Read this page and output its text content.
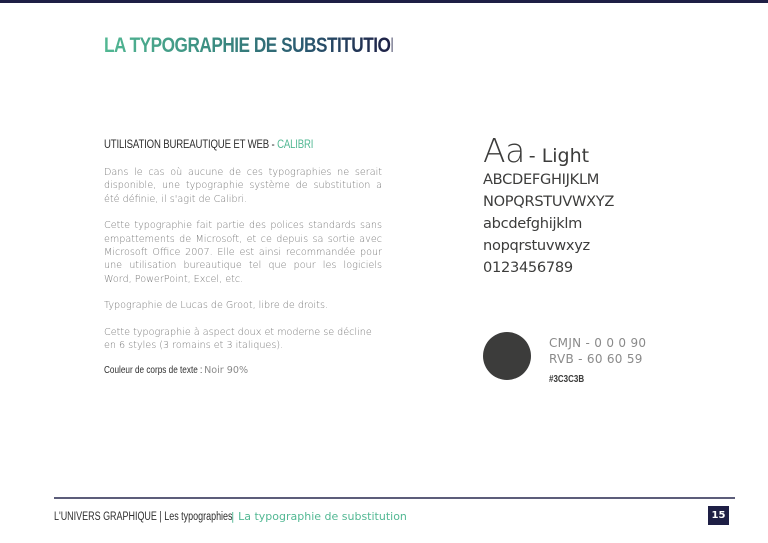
LA TYPOGRAPHIE DE SUBSTITUTION
UTILISATION BUREAUTIQUE ET WEB - CALIBRI

Dans le cas où aucune de ces typographies ne serait disponible, une typographie système de substitution a été définie, il s'agit de Calibri.

Cette typographie fait partie des polices standards sans empattements de Microsoft, et ce depuis sa sortie avec Microsoft Office 2007. Elle est ainsi recommandée pour une utilisation bureautique tel que pour les logiciels Word, PowerPoint, Excel, etc.

Typographie de Lucas de Groot, libre de droits.

Cette typographie à aspect doux et moderne se décline en 6 styles (3 romains et 3 italiques).

Couleur de corps de texte :Noir 90%
Aa - Light
ABCDEFGHIJKLM
NOPQRSTUVWXYZ
abcdefghijklm
nopqrstuvwxyz
0123456789
CMJN - 0 0 0 90
RVB - 60 60 59
#3C3C3B
L'UNIVERS GRAPHIQUE | Les typographies| La typographie de substitution	15
